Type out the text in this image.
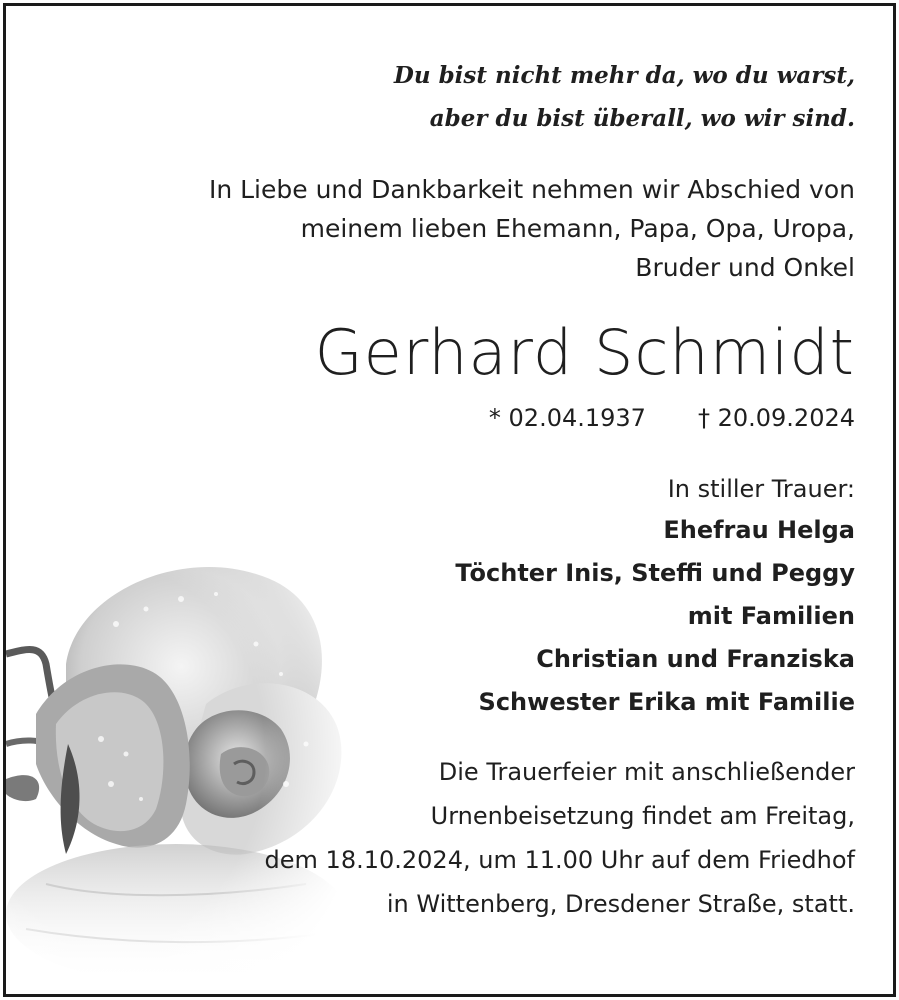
Du bist nicht mehr da, wo du warst,
aber du bist überall, wo wir sind.
In Liebe und Dankbarkeit nehmen wir Abschied von
meinem lieben Ehemann, Papa, Opa, Uropa,
Bruder und Onkel
Gerhard Schmidt
* 02.04.1937 † 20.09.2024
In stiller Trauer:
Ehefrau Helga
Töchter Inis, Steffi und Peggy
mit Familien
Christian und Franziska
Schwester Erika mit Familie
Die Trauerfeier mit anschließender
Urnenbeisetzung findet am Freitag,
dem 18.10.2024, um 11.00 Uhr auf dem Friedhof
in Wittenberg, Dresdener Straße, statt.
